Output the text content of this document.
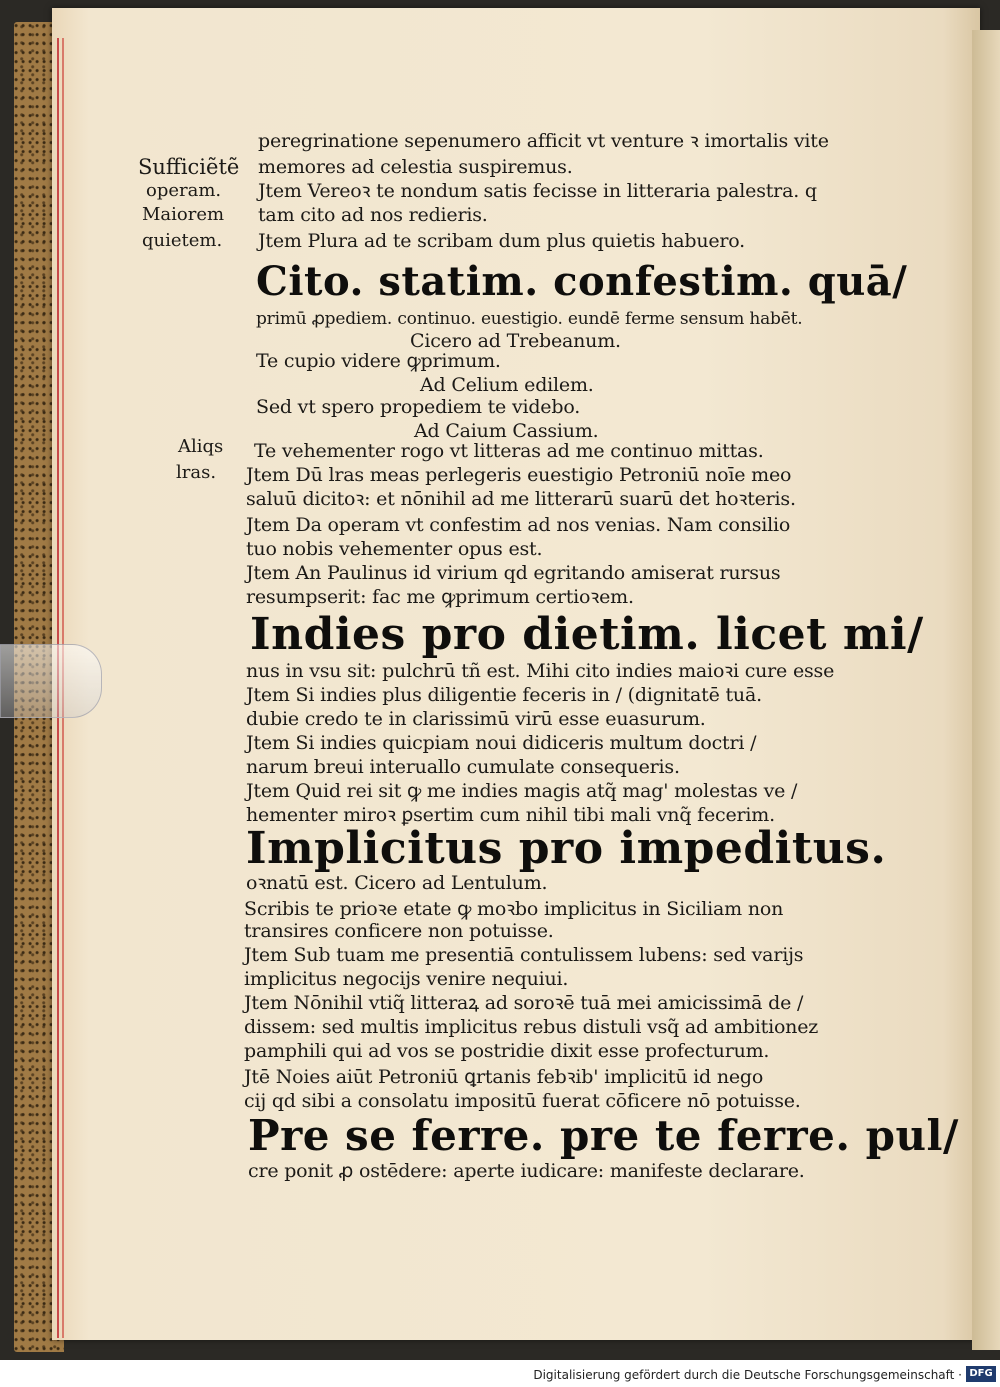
Sufficiẽtẽ
operam.
Maiorem
quietem.
Aliqs
lras.
peregrinatione sepenumero afficit vt venture ꝛ imortalis vite
memores ad celestia suspiremus.
Jtem Vereoꝛ te nondum satis fecisse in litteraria palestra. q
tam cito ad nos redieris.
Jtem Plura ad te scribam dum plus quietis habuero.
Cito. statim. confestim. quā/
primū ꝓpediem. continuo. euestigio. eundē ferme sensum habēt.
Cicero ad Trebeanum.
Te cupio videre ꝙprimum.
Ad Celium edilem.
Sed vt spero propediem te videbo.
Ad Caium Cassium.
Te vehementer rogo vt litteras ad me continuo mittas.
Jtem Dū lras meas perlegeris euestigio Petroniū noīe meo
saluū dicitoꝛ: et nōnihil ad me litterarū suarū det hoꝛteris.
Jtem Da operam vt confestim ad nos venias. Nam consilio
tuo nobis vehementer opus est.
Jtem An Paulinus id virium qd egritando amiserat rursus
resumpserit: fac me ꝙprimum certioꝛem.
Indies pro dietim. licet mi/
nus in vsu sit: pulchrū tñ est. Mihi cito indies maioꝛi cure esse
Jtem Si indies plus diligentie feceris in / (dignitatē tuā.
dubie credo te in clarissimū virū esse euasurum.
Jtem Si indies quicpiam noui didiceris multum doctri /
narum breui interuallo cumulate consequeris.
Jtem Quid rei sit ꝙ me indies magis atq̃ mag' molestas ve /
hementer miroꝛ ꝑsertim cum nihil tibi mali vnq̃ fecerim.
Implicitus pro impeditus.
oꝛnatū est. Cicero ad Lentulum.
Scribis te prioꝛe etate ꝙ moꝛbo implicitus in Siciliam non
transires conficere non potuisse.
Jtem Sub tuam me presentiā contulissem lubens: sed varijs
implicitus negocijs venire nequiui.
Jtem Nōnihil vtiq̃ litteraꝝ ad soroꝛē tuā mei amicissimā de /
dissem: sed multis implicitus rebus distuli vsq̃ ad ambitionez
pamphili qui ad vos se postridie dixit esse profecturum.
Jtē Noies aiūt Petroniū ꝗrtanis febꝛib' implicitū id nego
cij qd sibi a consolatu impositū fuerat cōficere nō potuisse.
Pre se ferre. pre te ferre. pul/
cre ponit ꝓ ostēdere: aperte iudicare: manifeste declarare.
Digitalisierung gefördert durch die Deutsche Forschungsgemeinschaft · DFG
